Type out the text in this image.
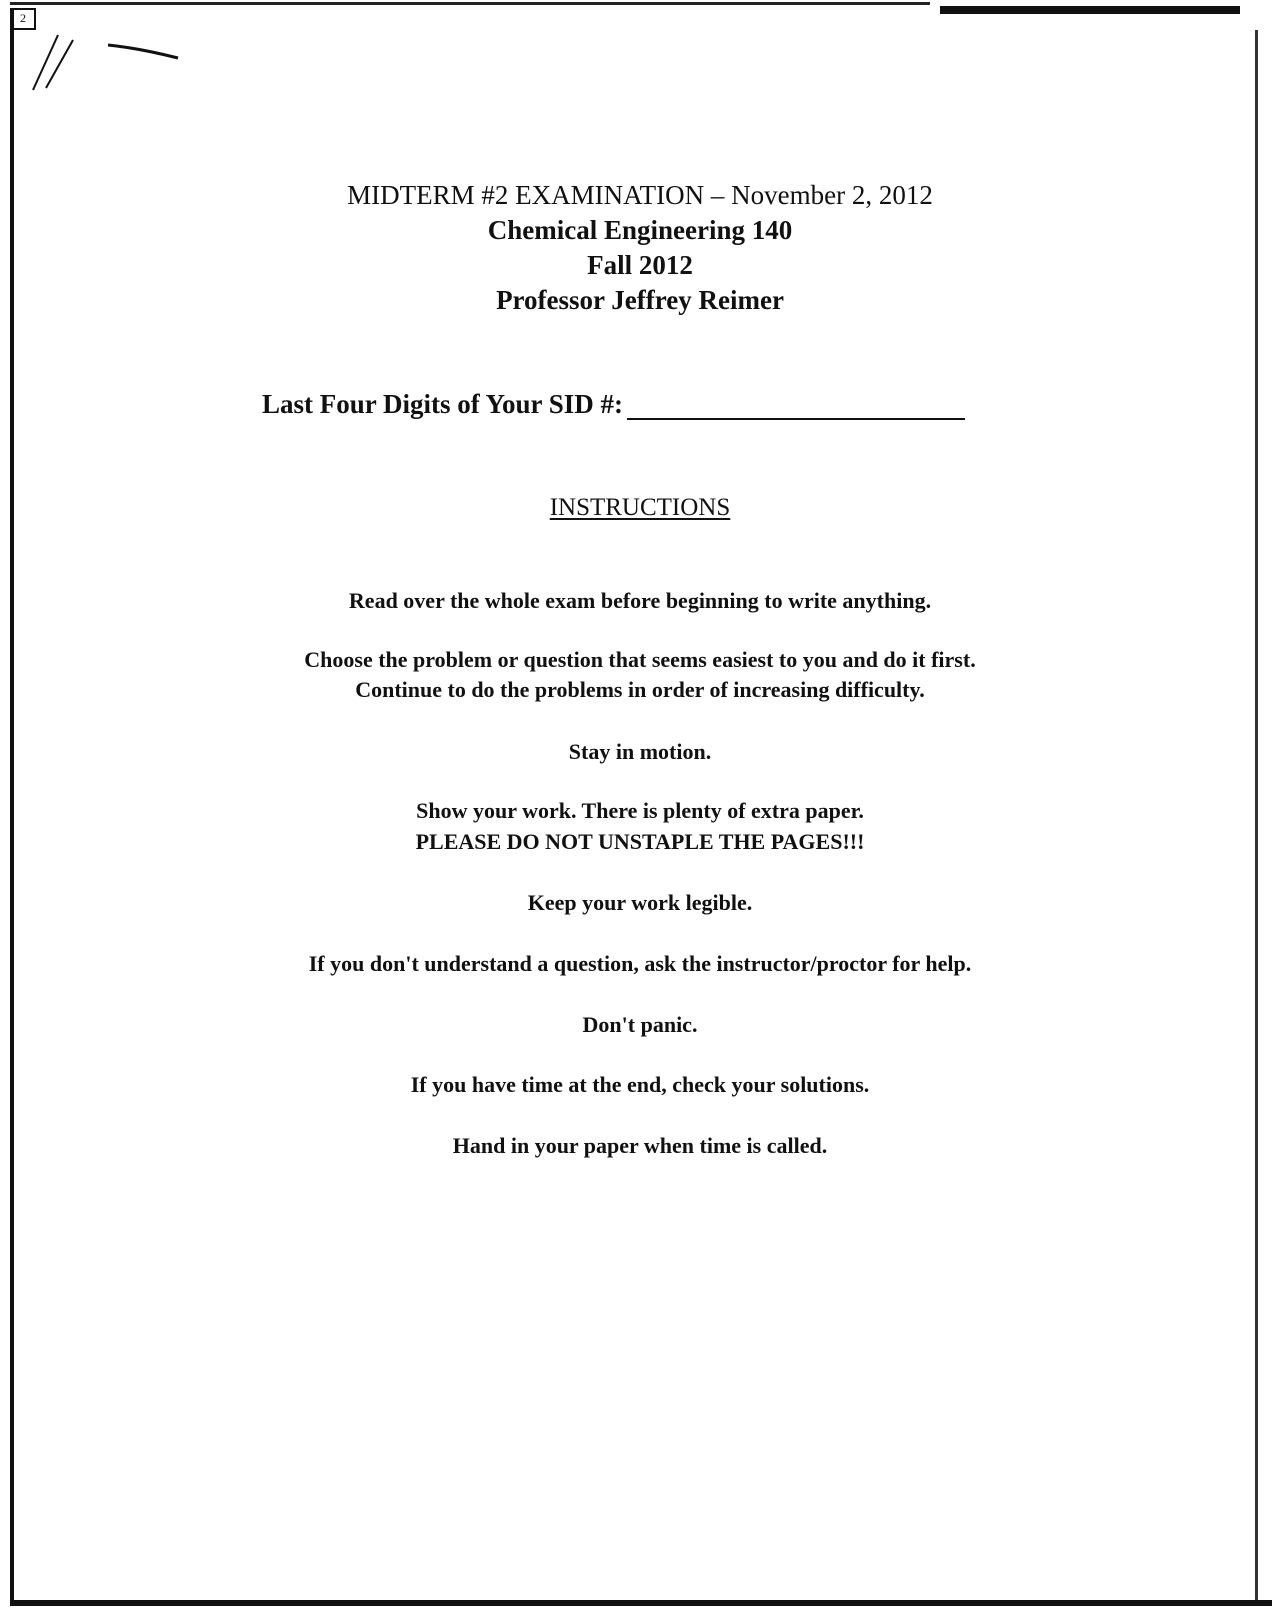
2
MIDTERM #2 EXAMINATION – November 2, 2012
Chemical Engineering 140
Fall 2012
Professor Jeffrey Reimer
Last Four Digits of Your SID #:
INSTRUCTIONS
Read over the whole exam before beginning to write anything.
Choose the problem or question that seems easiest to you and do it first.
Continue to do the problems in order of increasing difficulty.
Stay in motion.
Show your work. There is plenty of extra paper.
PLEASE DO NOT UNSTAPLE THE PAGES!!!
Keep your work legible.
If you don't understand a question, ask the instructor/proctor for help.
Don't panic.
If you have time at the end, check your solutions.
Hand in your paper when time is called.
